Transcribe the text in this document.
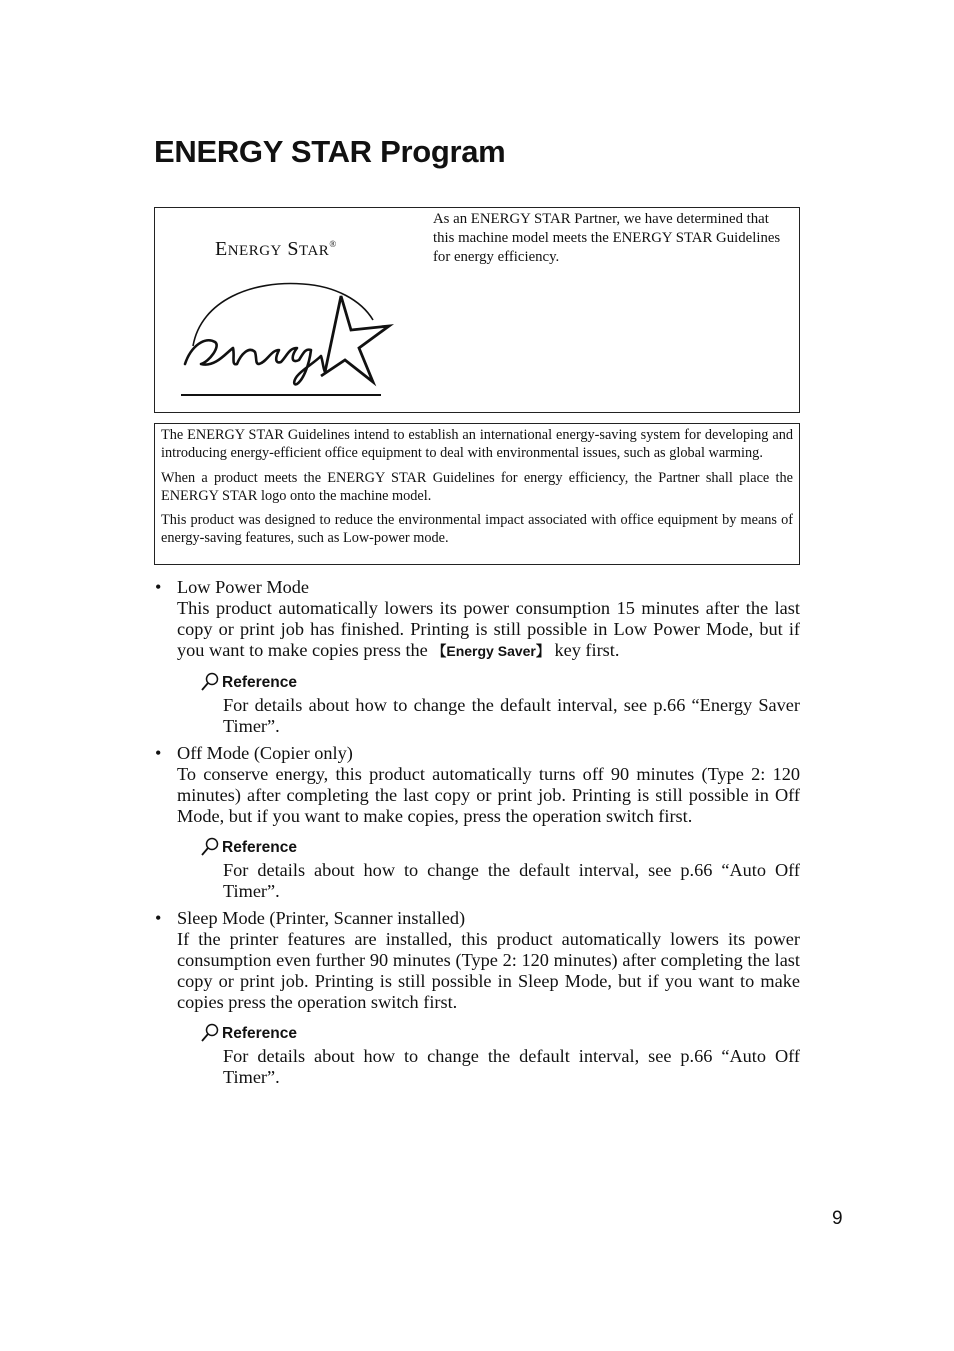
ENERGY STAR Program
ENERGY STAR®
As an ENERGY STAR Partner, we have determined that this machine model meets the ENERGY STAR Guidelines for energy efficiency.

The ENERGY STAR Guidelines intend to establish an international energy-saving system for developing and introducing energy-efficient office equipment to deal with environmental issues, such as global warming.

When a product meets the ENERGY STAR Guidelines for energy efficiency, the Partner shall place the ENERGY STAR logo onto the machine model.

This product was designed to reduce the environmental impact associated with office equipment by means of energy-saving features, such as Low-power mode.

• Low Power Mode
This product automatically lowers its power consumption 15 minutes after the last copy or print job has finished. Printing is still possible in Low Power Mode, but if you want to make copies press the 【Energy Saver】 key first.
Reference
For details about how to change the default interval, see p.66 “Energy Saver Timer”.
• Off Mode (Copier only)
To conserve energy, this product automatically turns off 90 minutes (Type 2: 120 minutes) after completing the last copy or print job. Printing is still possible in Off Mode, but if you want to make copies, press the operation switch first.
Reference
For details about how to change the default interval, see p.66 “Auto Off Timer”.
• Sleep Mode (Printer, Scanner installed)
If the printer features are installed, this product automatically lowers its power consumption even further 90 minutes (Type 2: 120 minutes) after completing the last copy or print job. Printing is still possible in Sleep Mode, but if you want to make copies press the operation switch first.
Reference
For details about how to change the default interval, see p.66 “Auto Off Timer”.
9
